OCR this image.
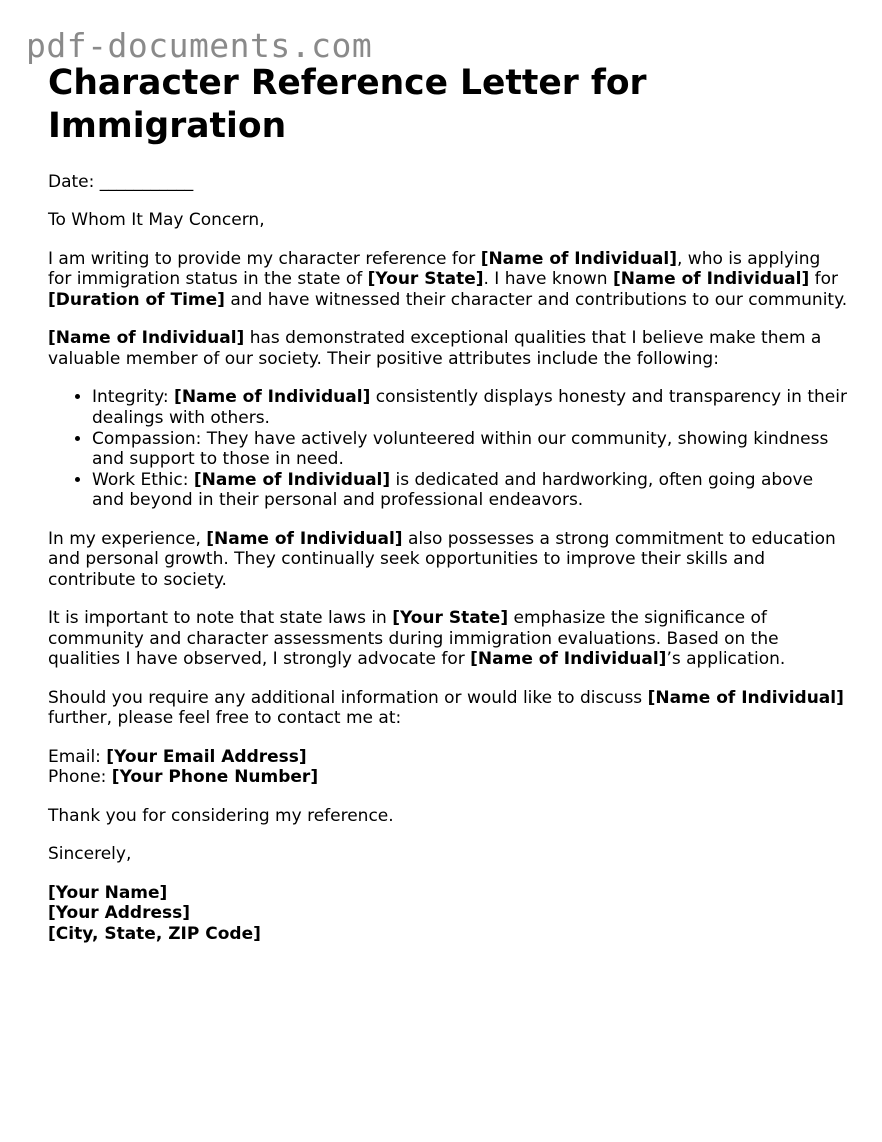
pdf-documents.com
Character Reference Letter for Immigration

Date: ___________

To Whom It May Concern,

I am writing to provide my character reference for [Name of Individual], who is applying for immigration status in the state of [Your State]. I have known [Name of Individual] for [Duration of Time] and have witnessed their character and contributions to our community.

[Name of Individual] has demonstrated exceptional qualities that I believe make them a valuable member of our society. Their positive attributes include the following:

• Integrity: [Name of Individual] consistently displays honesty and transparency in their dealings with others.
• Compassion: They have actively volunteered within our community, showing kindness and support to those in need.
• Work Ethic: [Name of Individual] is dedicated and hardworking, often going above and beyond in their personal and professional endeavors.

In my experience, [Name of Individual] also possesses a strong commitment to education and personal growth. They continually seek opportunities to improve their skills and contribute to society.

It is important to note that state laws in [Your State] emphasize the significance of community and character assessments during immigration evaluations. Based on the qualities I have observed, I strongly advocate for [Name of Individual]’s application.

Should you require any additional information or would like to discuss [Name of Individual] further, please feel free to contact me at:

Email: [Your Email Address]
Phone: [Your Phone Number]

Thank you for considering my reference.

Sincerely,

[Your Name]
[Your Address]
[City, State, ZIP Code]
